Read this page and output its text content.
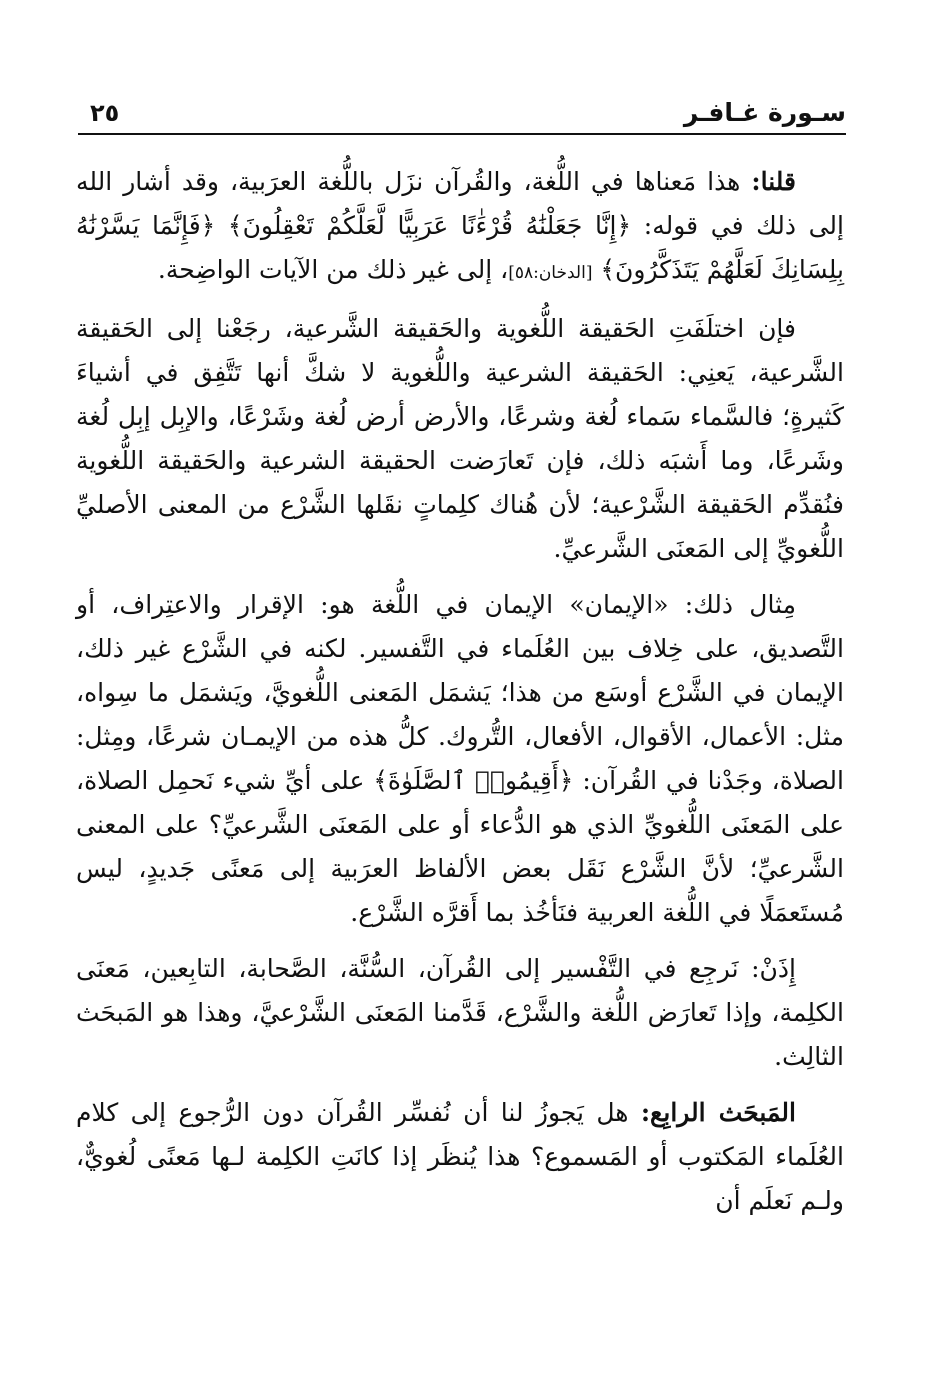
سـورة غـافـر
٢٥

قلنا: هذا مَعناها في اللُّغة، والقُرآن نزَل باللُّغة العرَبية، وقد أشار الله إلى ذلك في قوله: ﴿إِنَّا جَعَلْنَٰهُ قُرْءَٰنًا عَرَبِيًّا لَّعَلَّكُمْ تَعْقِلُونَ﴾ ﴿فَإِنَّمَا يَسَّرْنَٰهُ بِلِسَانِكَ لَعَلَّهُمْ يَتَذَكَّرُونَ﴾ [الدخان:٥٨]، إلى غير ذلك من الآيات الواضِحة.

فإن اختلَفَتِ الحَقيقة اللُّغوية والحَقيقة الشَّرعية، رجَعْنا إلى الحَقيقة الشَّرعية، يَعنِي: الحَقيقة الشرعية واللُّغوية لا شكَّ أنها تَتَّفِق في أشياءَ كَثيرةٍ؛ فالسَّماء سَماء لُغة وشرعًا، والأرض أرض لُغة وشَرْعًا، والإبِل إبِل لُغة وشَرعًا، وما أَشبَه ذلك، فإن تَعارَضت الحقيقة الشرعية والحَقيقة اللُّغوية فنُقدِّم الحَقيقة الشَّرْعية؛ لأن هُناك كلِماتٍ نقَلها الشَّرْع من المعنى الأصليِّ اللُّغويِّ إلى المَعنَى الشَّرعيِّ.

مِثال ذلك: «الإيمان» الإيمان في اللُّغة هو: الإقرار والاعتِراف، أو التَّصديق، على خِلاف بين العُلَماء في التَّفسير. لكنه في الشَّرْع غير ذلك، الإيمان في الشَّرْع أوسَع من هذا؛ يَشمَل المَعنى اللُّغويَّ، ويَشمَل ما سِواه، مثل: الأعمال، الأقوال، الأفعال، التُّروك. كلُّ هذه من الإيمـان شرعًا، ومِثل: الصلاة، وجَدْنا في القُرآن: ﴿أَقِيمُوا۟ ٱلصَّلَوٰةَ﴾ على أيِّ شيء نَحمِل الصلاة، على المَعنَى اللُّغويِّ الذي هو الدُّعاء أو على المَعنَى الشَّرعيِّ؟ على المعنى الشَّرعيِّ؛ لأنَّ الشَّرْع نَقَل بعض الألفاظ العرَبية إلى مَعنًى جَديدٍ، ليس مُستَعمَلًا في اللُّغة العربية فنَأخُذ بما أَقرَّه الشَّرْع.

إِذَنْ: نَرجِع في التَّفْسير إلى القُرآن، السُّنَّة، الصَّحابة، التابِعين، مَعنَى الكلِمة، وإذا تَعارَض اللُّغة والشَّرْع، قَدَّمنا المَعنَى الشَّرْعيَّ، وهذا هو المَبحَث الثالِث.

المَبحَث الرابِع: هل يَجوزُ لنا أن نُفسِّر القُرآن دون الرُّجوع إلى كلام العُلَماء المَكتوب أو المَسموع؟ هذا يُنظَر إذا كانَتِ الكلِمة لـها مَعنًى لُغويٌّ، ولـم نَعلَم أن
